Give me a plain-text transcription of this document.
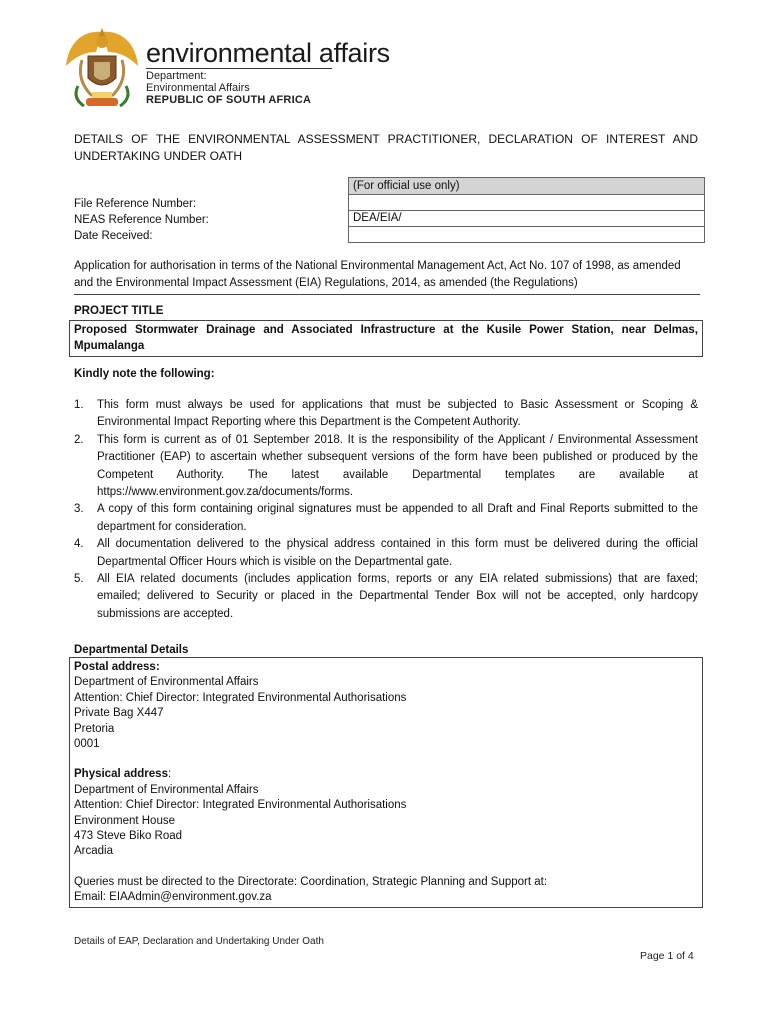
environmental affairs
Department:
Environmental Affairs
REPUBLIC OF SOUTH AFRICA
DETAILS OF THE ENVIRONMENTAL ASSESSMENT PRACTITIONER, DECLARATION OF INTEREST AND UNDERTAKING UNDER OATH
File Reference Number:
NEAS Reference Number:
Date Received:
(For official use only)
DEA/EIA/
Application for authorisation in terms of the National Environmental Management Act, Act No. 107 of 1998, as amended and the Environmental Impact Assessment (EIA) Regulations, 2014, as amended (the Regulations)
PROJECT TITLE
Proposed Stormwater Drainage and Associated Infrastructure at the Kusile Power Station, near Delmas, Mpumalanga
Kindly note the following:
1. This form must always be used for applications that must be subjected to Basic Assessment or Scoping & Environmental Impact Reporting where this Department is the Competent Authority.
2. This form is current as of 01 September 2018. It is the responsibility of the Applicant / Environmental Assessment Practitioner (EAP) to ascertain whether subsequent versions of the form have been published or produced by the Competent Authority. The latest available Departmental templates are available at https://www.environment.gov.za/documents/forms.
3. A copy of this form containing original signatures must be appended to all Draft and Final Reports submitted to the department for consideration.
4. All documentation delivered to the physical address contained in this form must be delivered during the official Departmental Officer Hours which is visible on the Departmental gate.
5. All EIA related documents (includes application forms, reports or any EIA related submissions) that are faxed; emailed; delivered to Security or placed in the Departmental Tender Box will not be accepted, only hardcopy submissions are accepted.
Departmental Details
Postal address:
Department of Environmental Affairs
Attention: Chief Director: Integrated Environmental Authorisations
Private Bag X447
Pretoria
0001
Physical address:
Department of Environmental Affairs
Attention: Chief Director: Integrated Environmental Authorisations
Environment House
473 Steve Biko Road
Arcadia
Queries must be directed to the Directorate: Coordination, Strategic Planning and Support at:
Email: EIAAdmin@environment.gov.za
Details of EAP, Declaration and Undertaking Under Oath
Page 1 of 4
